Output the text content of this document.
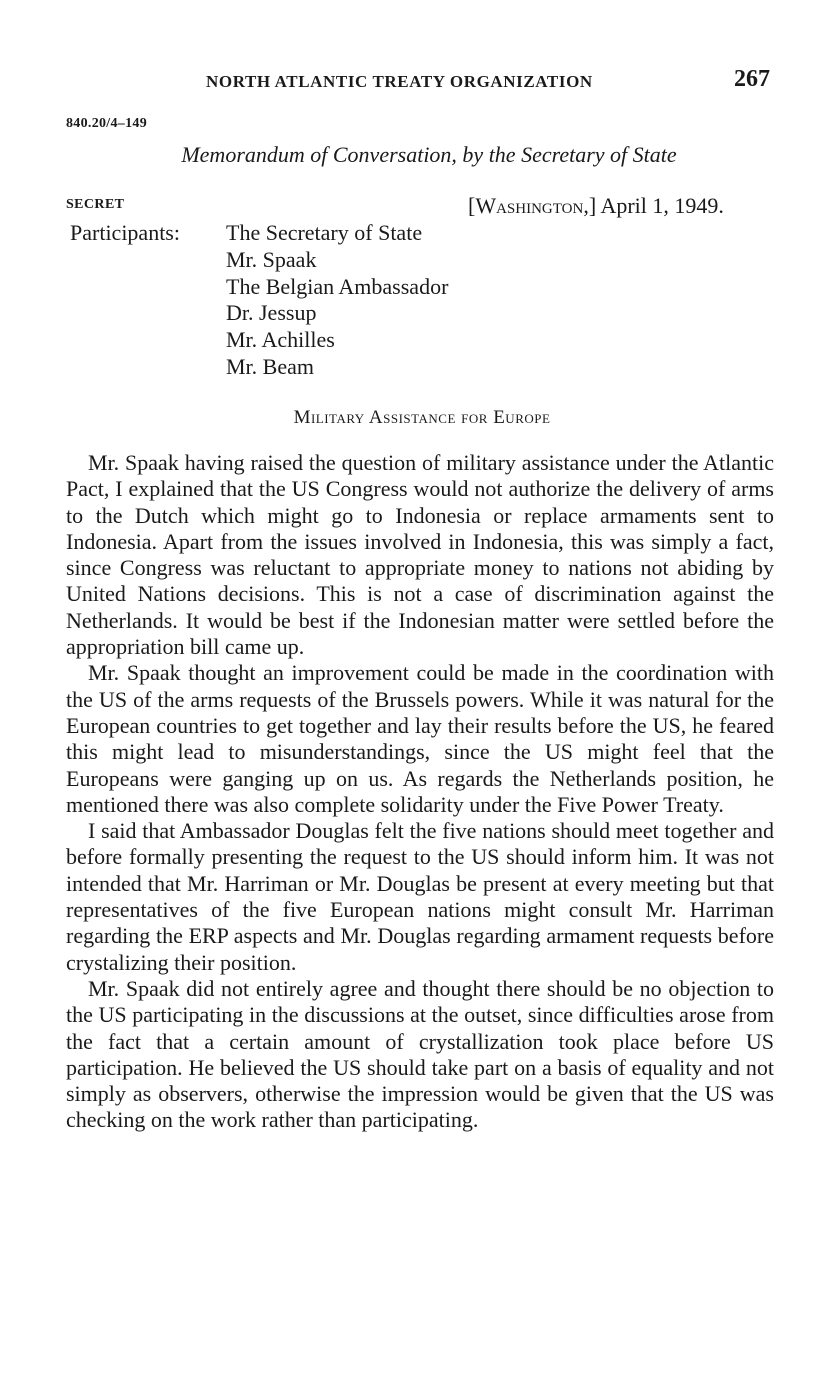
NORTH ATLANTIC TREATY ORGANIZATION	267
840.20/4–149
Memorandum of Conversation, by the Secretary of State
SECRET	[Washington,] April 1, 1949.
Participants: The Secretary of State
Mr. Spaak
The Belgian Ambassador
Dr. Jessup
Mr. Achilles
Mr. Beam
Military Assistance for Europe

Mr. Spaak having raised the question of military assistance under the Atlantic Pact, I explained that the US Congress would not authorize the delivery of arms to the Dutch which might go to Indonesia or replace armaments sent to Indonesia. Apart from the issues involved in Indonesia, this was simply a fact, since Congress was reluctant to appropriate money to nations not abiding by United Nations decisions. This is not a case of discrimination against the Netherlands. It would be best if the Indonesian matter were settled before the appropriation bill came up.

Mr. Spaak thought an improvement could be made in the coordination with the US of the arms requests of the Brussels powers. While it was natural for the European countries to get together and lay their results before the US, he feared this might lead to misunderstandings, since the US might feel that the Europeans were ganging up on us. As regards the Netherlands position, he mentioned there was also complete solidarity under the Five Power Treaty.

I said that Ambassador Douglas felt the five nations should meet together and before formally presenting the request to the US should inform him. It was not intended that Mr. Harriman or Mr. Douglas be present at every meeting but that representatives of the five European nations might consult Mr. Harriman regarding the ERP aspects and Mr. Douglas regarding armament requests before crystalizing their position.

Mr. Spaak did not entirely agree and thought there should be no objection to the US participating in the discussions at the outset, since difficulties arose from the fact that a certain amount of crystallization took place before US participation. He believed the US should take part on a basis of equality and not simply as observers, otherwise the impression would be given that the US was checking on the work rather than participating.
